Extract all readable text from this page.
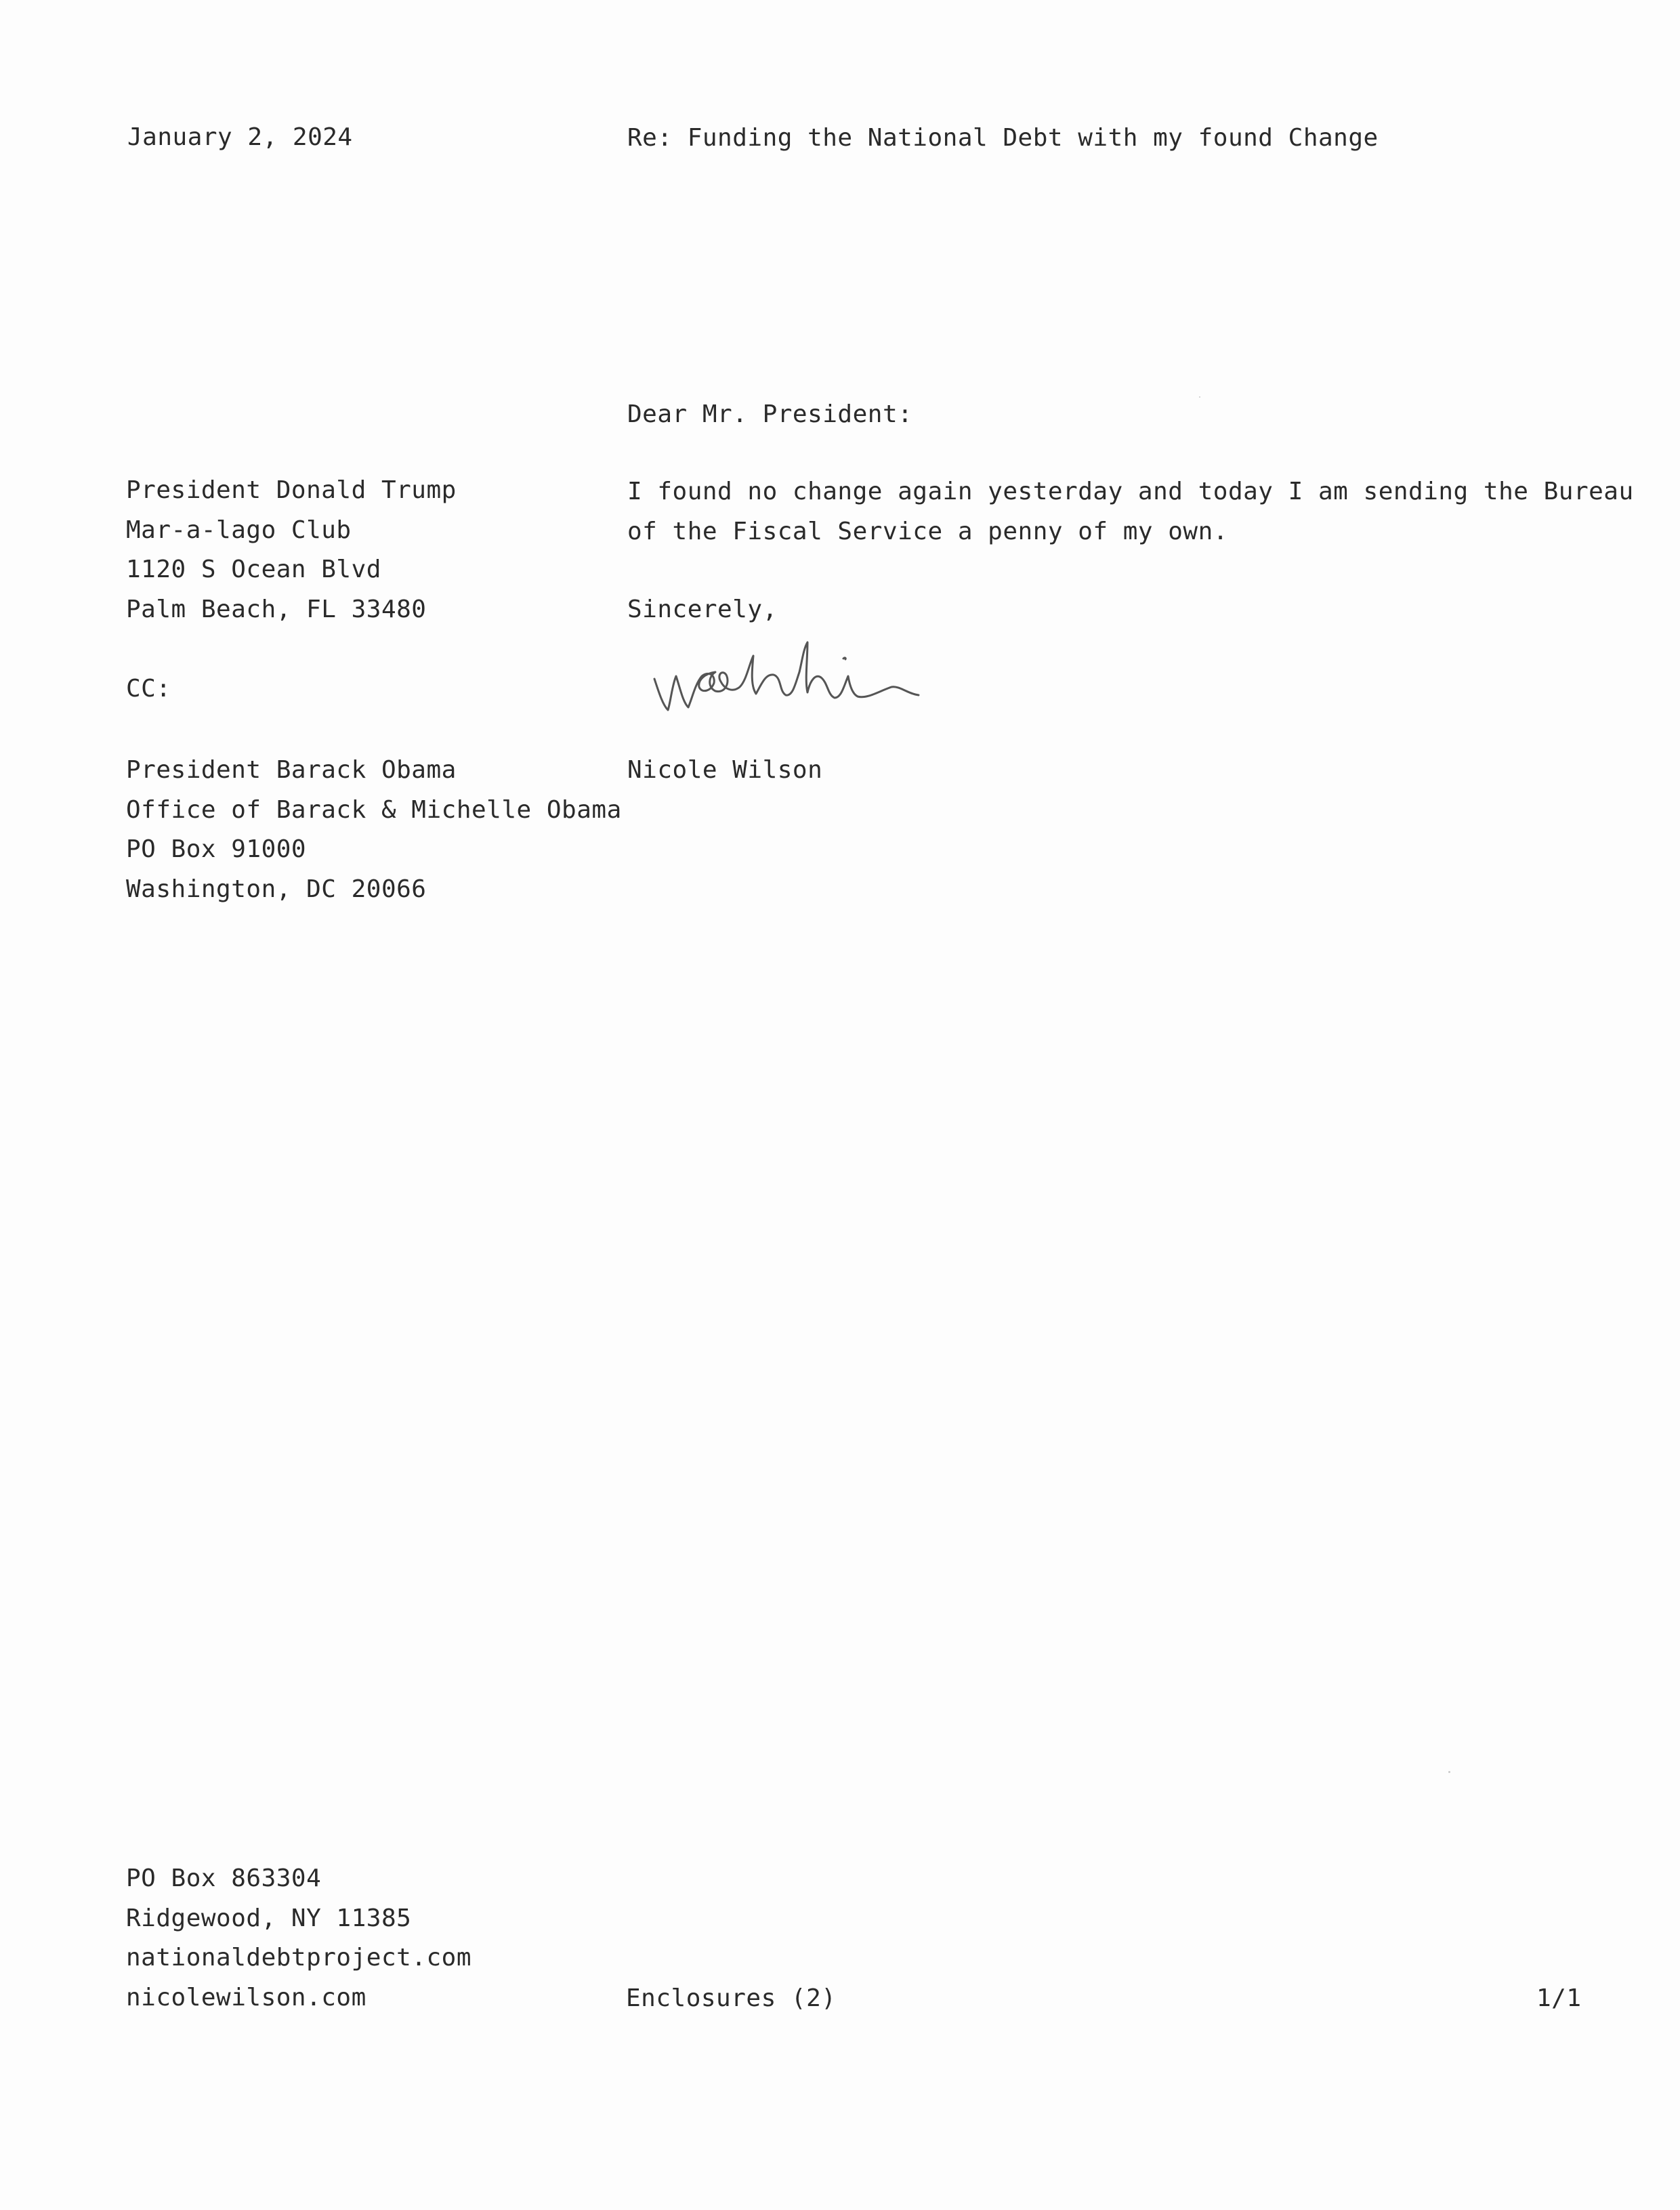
January 2, 2024	Re: Funding the National Debt with my found Change
Dear Mr. President:
President Donald Trump
Mar-a-lago Club
1120 S Ocean Blvd
Palm Beach, FL 33480
I found no change again yesterday and today I am sending the Bureau
of the Fiscal Service a penny of my own.
Sincerely,
CC:
Nicole Wilson
President Barack Obama
Office of Barack & Michelle Obama
PO Box 91000
Washington, DC 20066
PO Box 863304
Ridgewood, NY 11385
nationaldebtproject.com
nicolewilson.com	Enclosures (2)	1/1
